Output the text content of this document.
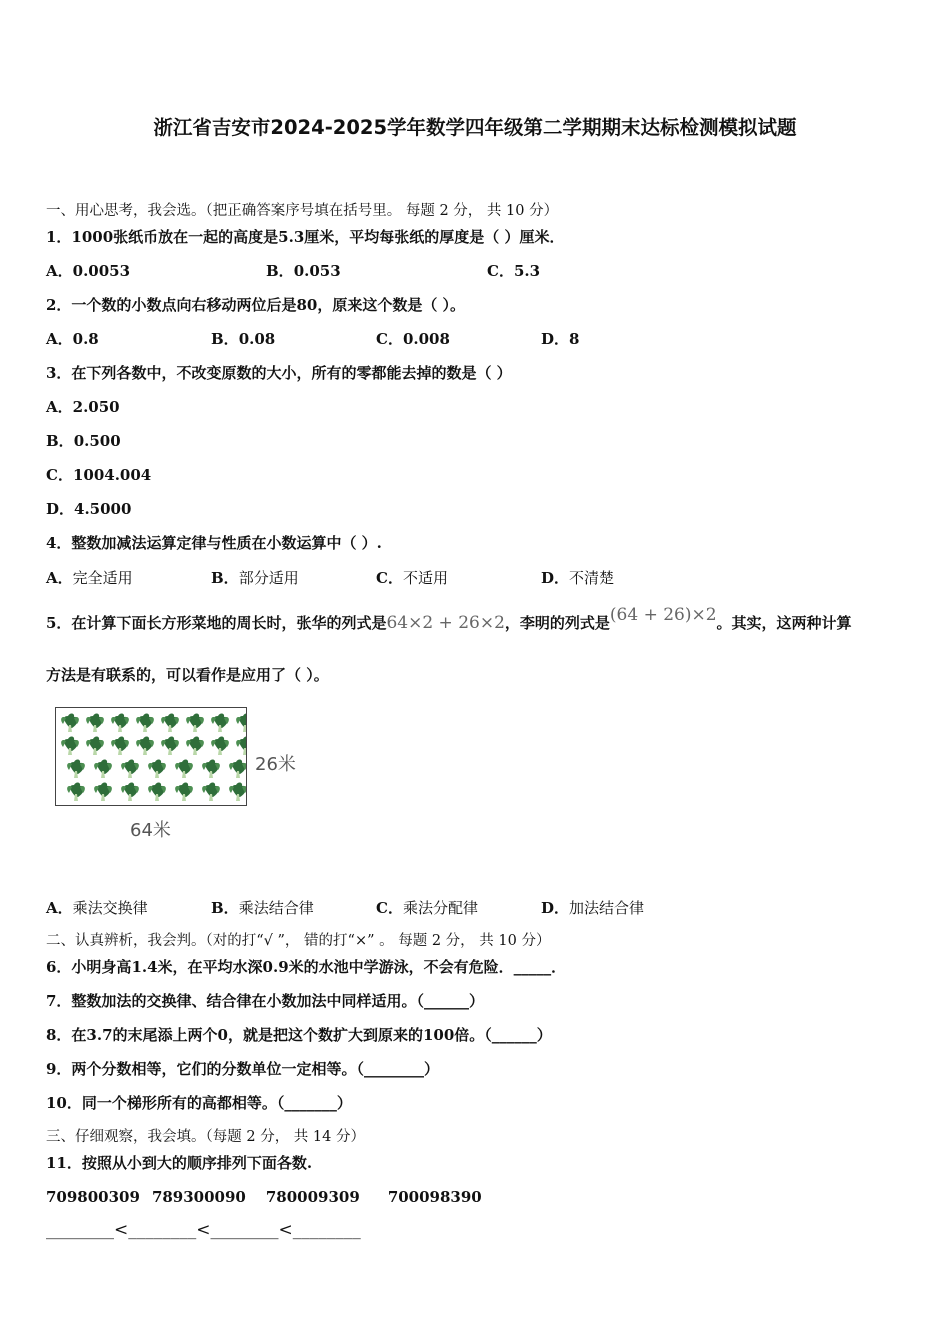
浙江省吉安市2024-2025学年数学四年级第二学期期末达标检测模拟试题
一、用心思考，我会选。（把正确答案序号填在括号里。 每题 2 分， 共 10 分）
1．1000张纸币放在一起的高度是5.3厘米，平均每张纸的厚度是（ ）厘米．
A．0.0053	B．0.053	C．5.3
2．一个数的小数点向右移动两位后是80，原来这个数是（ ）。
A．0.8	B．0.08	C．0.008	D．8
3．在下列各数中，不改变原数的大小，所有的零都能去掉的数是（ ）
A．2.050
B．0.500
C．1004.004
D．4.5000
4．整数加减法运算定律与性质在小数运算中（ ）.
A．完全适用	B．部分适用	C．不适用	D．不清楚
5．在计算下面长方形菜地的周长时，张华的列式是64×2 + 26×2，李明的列式是(64 + 26)×2。其实，这两种计算
方法是有联系的，可以看作是应用了（ ）。
26米
64米
A．乘法交换律	B．乘法结合律	C．乘法分配律	D．加法结合律
二、认真辨析，我会判。（对的打“√ ”， 错的打“×” 。 每题 2 分， 共 10 分）
6．小明身高1.4米，在平均水深0.9米的水池中学游泳，不会有危险．_____．
7．整数加法的交换律、结合律在小数加法中同样适用。（______）
8．在3.7的末尾添上两个0，就是把这个数扩大到原来的100倍。（______）
9．两个分数相等，它们的分数单位一定相等。（________）
10．同一个梯形所有的高都相等。（_______）
三、仔细观察，我会填。（每题 2 分， 共 14 分）
11．按照从小到大的顺序排列下面各数.
709800309 789300090 780009309 700098390
________<________<________<________
